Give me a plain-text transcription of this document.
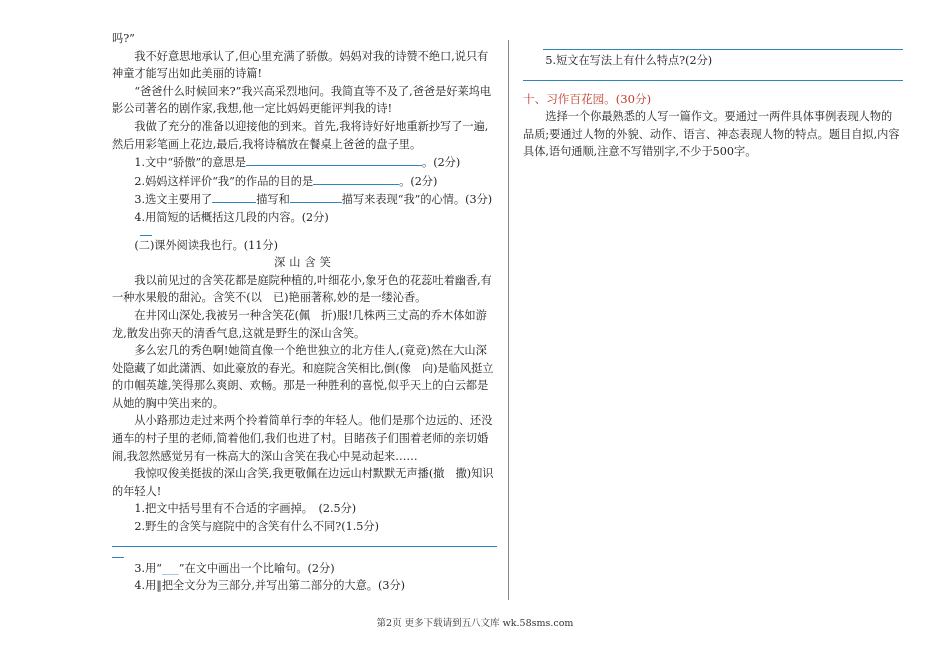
吗?”

我不好意思地承认了,但心里充满了骄傲。妈妈对我的诗赞不绝口,说只有神童才能写出如此美丽的诗篇!

“爸爸什么时候回来?”我兴高采烈地问。我简直等不及了,爸爸是好莱坞电影公司著名的剧作家,我想,他一定比妈妈更能评判我的诗!

我做了充分的准备以迎接他的到来。首先,我将诗好好地重新抄写了一遍,然后用彩笔画上花边,最后,我将诗稿放在餐桌上爸爸的盘子里。

1.文中“骄傲”的意思是	。(2分)

2.妈妈这样评价“我”的作品的目的是	。(2分)

3.选文主要用了	描写和	描写来表现“我”的心情。(3分)

4.用简短的话概括这几段的内容。(2分)

(二)课外阅读我也行。(11分)

深山含笑

我以前见过的含笑花都是庭院种植的,叶细花小,象牙色的花蕊吐着幽香,有一种水果般的甜沁。含笑不(以　已)艳丽著称,妙的是一缕沁香。

在井冈山深处,我被另一种含笑花(佩　折)服!几株两三丈高的乔木体如游龙,散发出弥天的清香气息,这就是野生的深山含笑。

多么宏几的秀色啊!她简直像一个绝世独立的北方佳人,(竟竞)然在大山深处隐藏了如此潇洒、如此豪放的春光。和庭院含笑相比,倒(像　向)是临风挺立的巾帼英雄,笑得那么爽朗、欢畅。那是一种胜利的喜悦,似乎天上的白云都是从她的胸中笑出来的。

从小路那边走过来两个拎着简单行李的年轻人。他们是那个边远的、还没通车的村子里的老师,简着他们,我们也进了村。目睹孩子们围着老师的亲切婚闹,我忽然感觉另有一株高大的深山含笑在我心中晃动起来……

我惊叹俊美挺拔的深山含笑,我更敬佩在边远山村默默无声播(撤　撒)知识的年轻人!

1.把文中括号里有不合适的字画掉。　(2.5分)

2.野生的含笑与庭院中的含笑有什么不同?(1.5分)

3.用“___”在文中画出一个比喻句。(2分)

4.用‖把全文分为三部分,并写出第二部分的大意。(3分)

5.短文在写法上有什么特点?(2分)

十、习作百花园。(30分)

选择一个你最熟悉的人写一篇作文。要通过一两件具体事例表现人物的品质;要通过人物的外貌、动作、语言、神态表现人物的特点。题目自拟,内容具体,语句通顺,注意不写错别字,不少于500字。

第2页 更多下载请到五八文库 wk.58sms.com
